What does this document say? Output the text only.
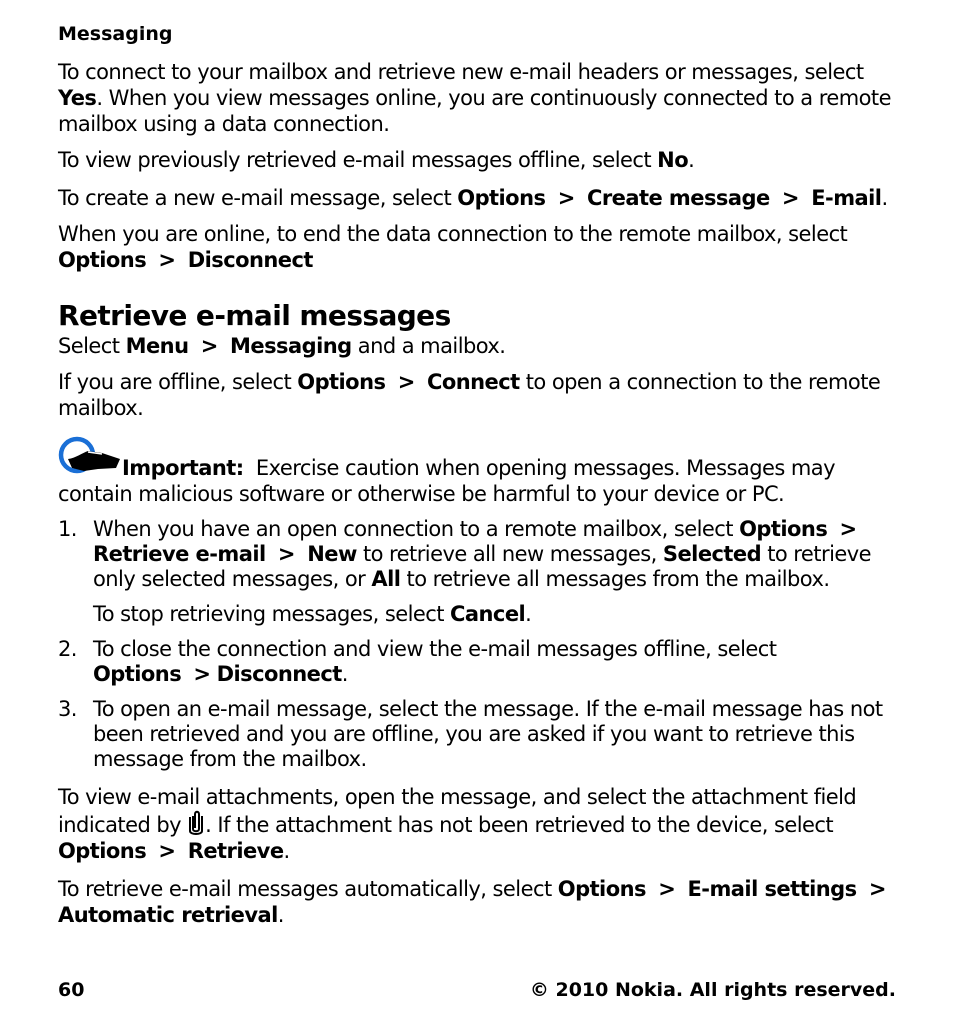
Messaging

To connect to your mailbox and retrieve new e-mail headers or messages, select Yes. When you view messages online, you are continuously connected to a remote mailbox using a data connection.

To view previously retrieved e-mail messages offline, select No.

To create a new e-mail message, select Options > Create message > E-mail.

When you are online, to end the data connection to the remote mailbox, select Options > Disconnect

Retrieve e-mail messages

Select Menu > Messaging and a mailbox.

If you are offline, select Options > Connect to open a connection to the remote mailbox.

Important: Exercise caution when opening messages. Messages may contain malicious software or otherwise be harmful to your device or PC.

1. When you have an open connection to a remote mailbox, select Options > Retrieve e-mail > New to retrieve all new messages, Selected to retrieve only selected messages, or All to retrieve all messages from the mailbox.
To stop retrieving messages, select Cancel.
2. To close the connection and view the e-mail messages offline, select Options > Disconnect.
3. To open an e-mail message, select the message. If the e-mail message has not been retrieved and you are offline, you are asked if you want to retrieve this message from the mailbox.

To view e-mail attachments, open the message, and select the attachment field indicated by . If the attachment has not been retrieved to the device, select Options > Retrieve.

To retrieve e-mail messages automatically, select Options > E-mail settings > Automatic retrieval.

60	© 2010 Nokia. All rights reserved.
